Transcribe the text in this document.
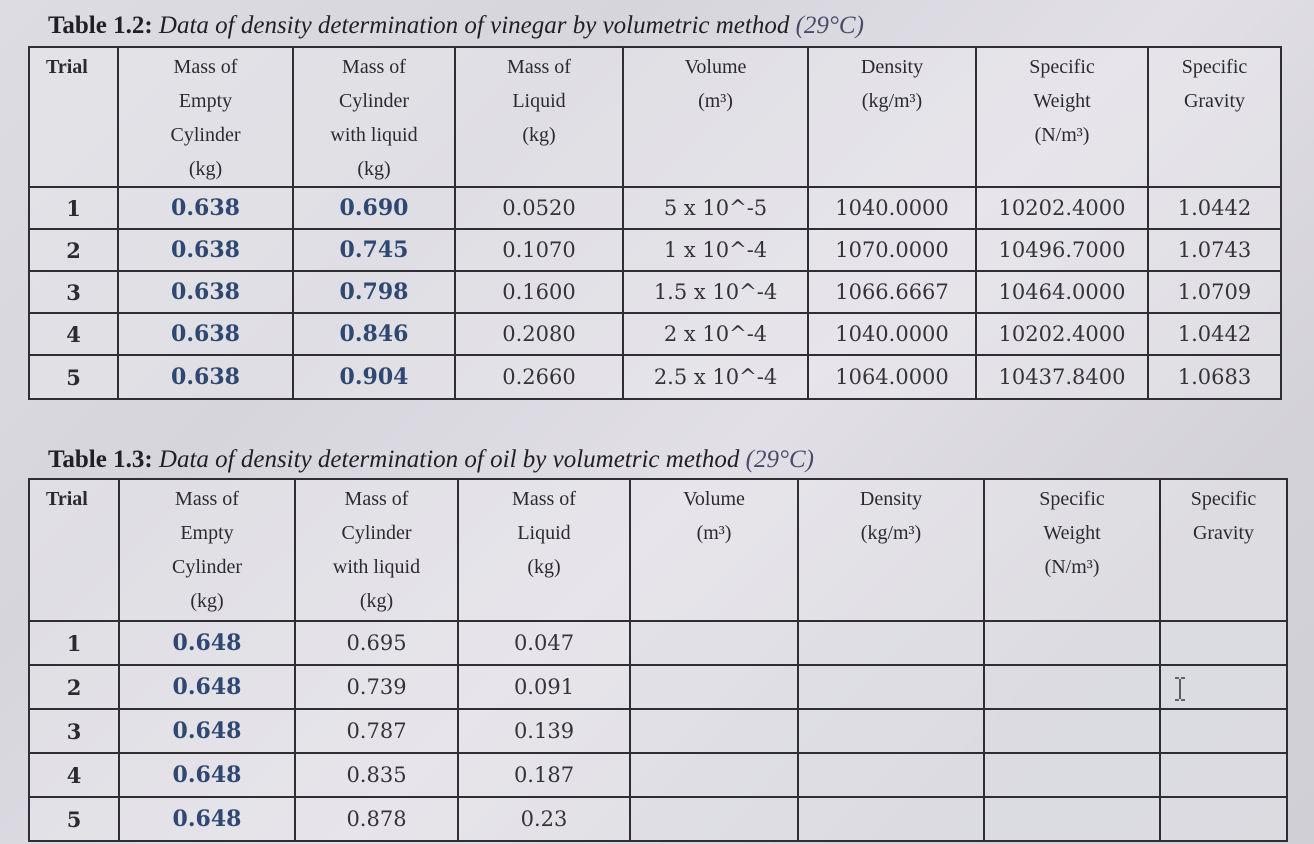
Table 1.2: Data of density determination of vinegar by volumetric method (29°C)
Trial	Mass of
Empty
Cylinder
(kg)	Mass of
Cylinder
with liquid
(kg)	Mass of
Liquid
(kg)	Volume
(m³)	Density
(kg/m³)	Specific
Weight
(N/m³)	Specific
Gravity
1	0.638	0.690	0.0520	5 x 10^-5	1040.0000	10202.4000	1.0442
2	0.638	0.745	0.1070	1 x 10^-4	1070.0000	10496.7000	1.0743
3	0.638	0.798	0.1600	1.5 x 10^-4	1066.6667	10464.0000	1.0709
4	0.638	0.846	0.2080	2 x 10^-4	1040.0000	10202.4000	1.0442
5	0.638	0.904	0.2660	2.5 x 10^-4	1064.0000	10437.8400	1.0683
Table 1.3: Data of density determination of oil by volumetric method (29°C)
Trial	Mass of
Empty
Cylinder
(kg)	Mass of
Cylinder
with liquid
(kg)	Mass of
Liquid
(kg)	Volume
(m³)	Density
(kg/m³)	Specific
Weight
(N/m³)	Specific
Gravity
1	0.648	0.695	0.047				
2	0.648	0.739	0.091				
3	0.648	0.787	0.139				
4	0.648	0.835	0.187				
5	0.648	0.878	0.23				
